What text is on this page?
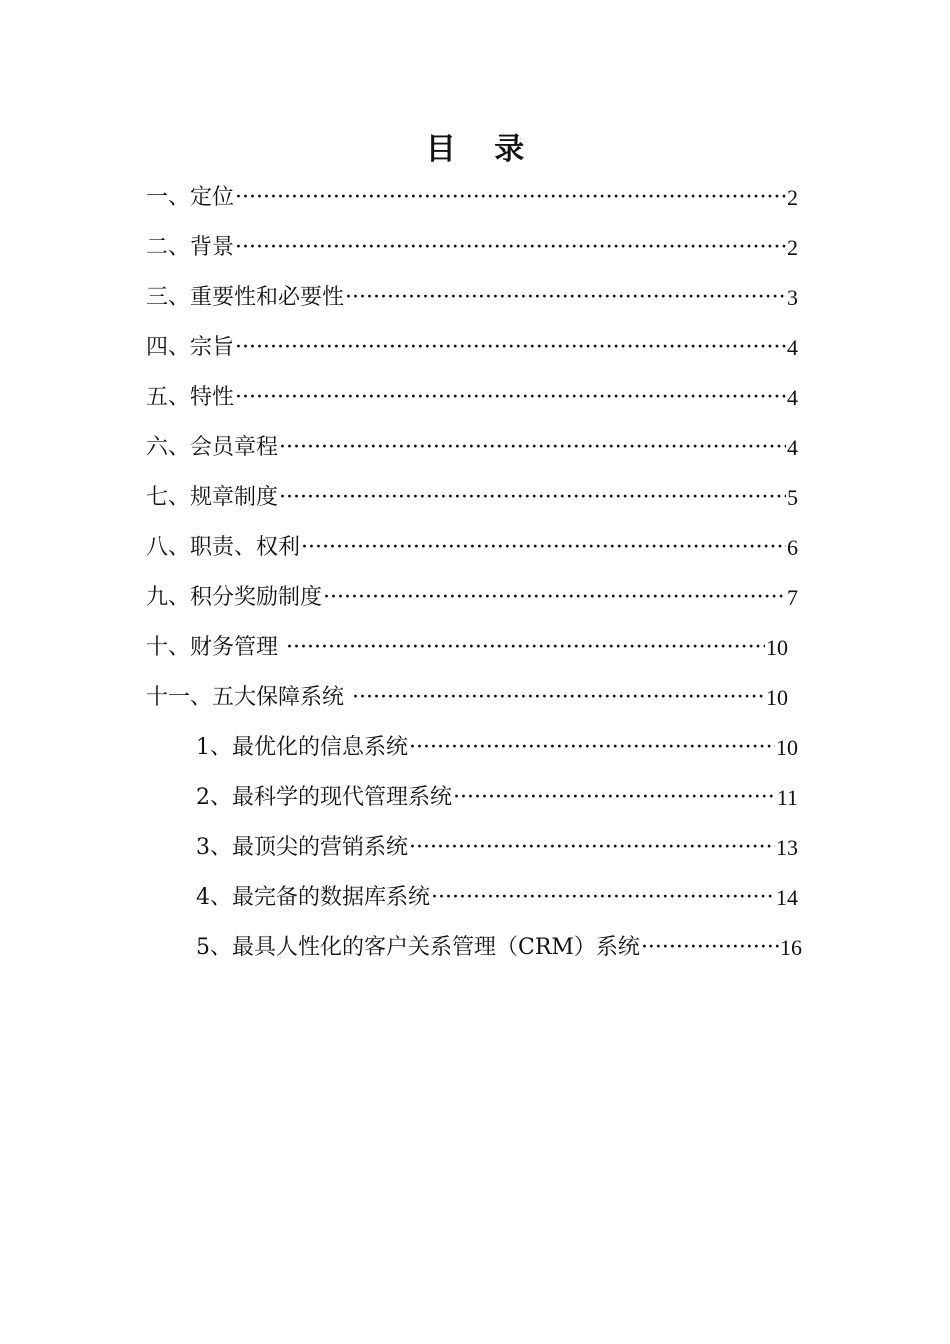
目 录
一、定位 ·····	2
二、背景 ·····	2
三、重要性和必要性 ·····	3
四、宗旨 ·····	4
五、特性 ·····	4
六、会员章程 ·····	4
七、规章制度 ·····	5
八、职责、权利 ·····	6
九、积分奖励制度 ·····	7
十、财务管理 ·····	10
十一、五大保障系统 ·····	10
1、最优化的信息系统 ·····	10
2、最科学的现代管理系统 ·····	11
3、最顶尖的营销系统 ·····	13
4、最完备的数据库系统 ·····	14
5、最具人性化的客户关系管理（CRM）系统 ·····	16
